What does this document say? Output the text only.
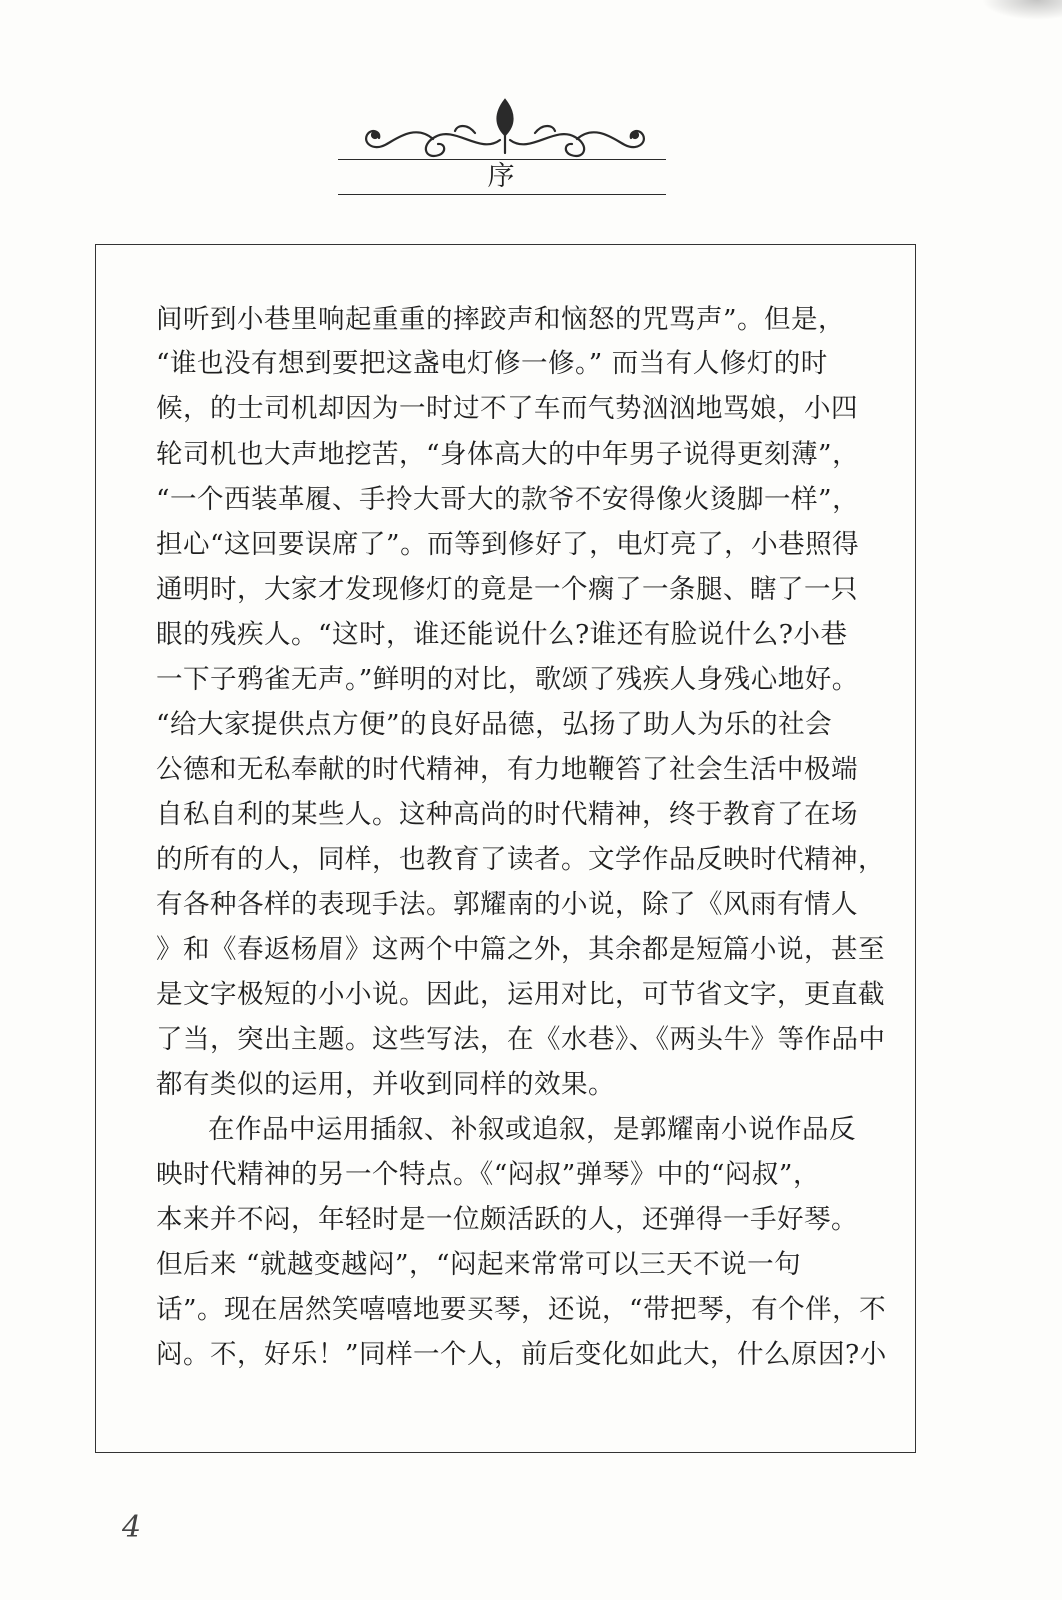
序
间听到小巷里响起重重的摔跤声和恼怒的咒骂声”。但是，
“谁也没有想到要把这盏电灯修一修。” 而当有人修灯的时
候，的士司机却因为一时过不了车而气势汹汹地骂娘，小四
轮司机也大声地挖苦，“身体高大的中年男子说得更刻薄”，
“一个西装革履、手拎大哥大的款爷不安得像火烫脚一样”，
担心“这回要误席了”。而等到修好了，电灯亮了，小巷照得
通明时，大家才发现修灯的竟是一个瘸了一条腿、瞎了一只
眼的残疾人。“这时，谁还能说什么?谁还有脸说什么?小巷
一下子鸦雀无声。”鲜明的对比，歌颂了残疾人身残心地好。
“给大家提供点方便”的良好品德，弘扬了助人为乐的社会
公德和无私奉献的时代精神，有力地鞭笞了社会生活中极端
自私自利的某些人。这种高尚的时代精神，终于教育了在场
的所有的人，同样，也教育了读者。文学作品反映时代精神，
有各种各样的表现手法。郭耀南的小说，除了《风雨有情人
》和《春返杨眉》这两个中篇之外，其余都是短篇小说，甚至
是文字极短的小小说。因此，运用对比，可节省文字，更直截
了当，突出主题。这些写法，在《水巷》、《两头牛》等作品中
都有类似的运用，并收到同样的效果。
在作品中运用插叙、补叙或追叙，是郭耀南小说作品反
映时代精神的另一个特点。《“闷叔”弹琴》中的“闷叔”，
本来并不闷，年轻时是一位颇活跃的人，还弹得一手好琴。
但后来 “就越变越闷”，“闷起来常常可以三天不说一句
话”。现在居然笑嘻嘻地要买琴，还说，“带把琴，有个伴，不
闷。不，好乐！”同样一个人，前后变化如此大，什么原因?小
4
